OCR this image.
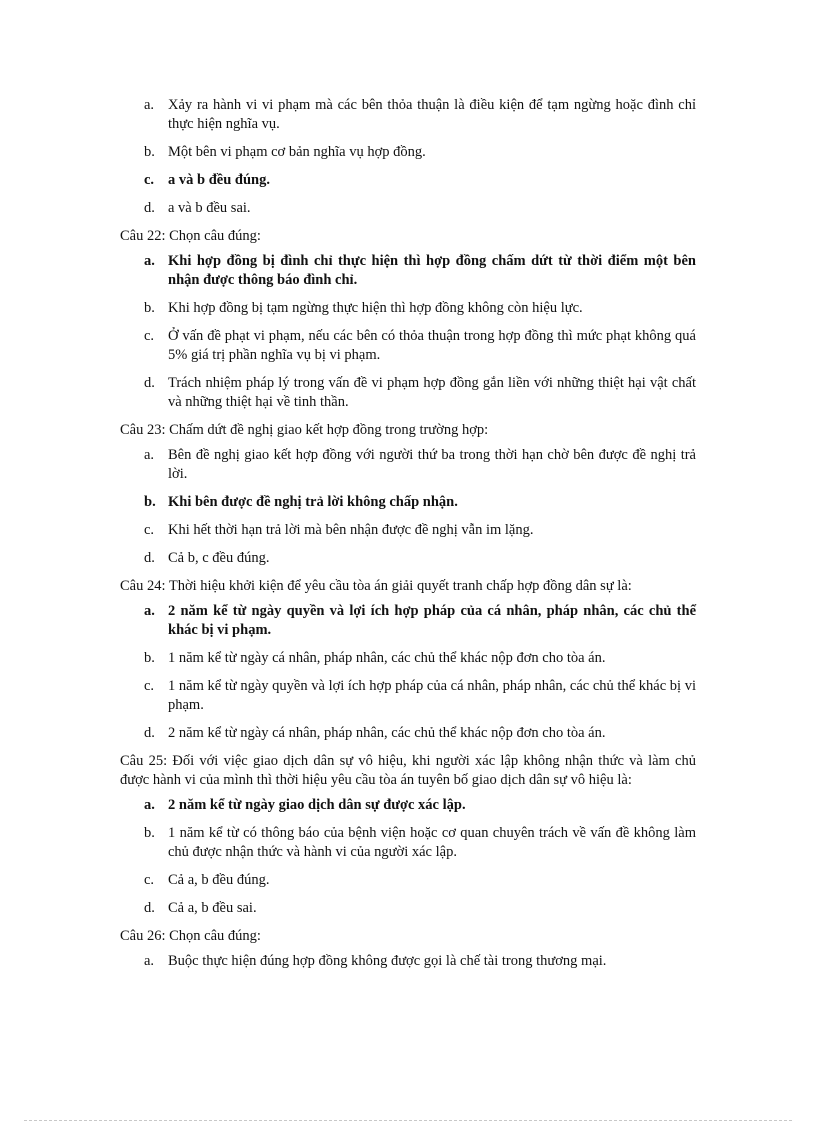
a. Xảy ra hành vi vi phạm mà các bên thỏa thuận là điều kiện để tạm ngừng hoặc đình chỉ thực hiện nghĩa vụ.
b. Một bên vi phạm cơ bản nghĩa vụ hợp đồng.
c. a và b đều đúng.
d. a và b đều sai.

Câu 22: Chọn câu đúng:

a. Khi hợp đồng bị đình chỉ thực hiện thì hợp đồng chấm dứt từ thời điểm một bên nhận được thông báo đình chỉ.
b. Khi hợp đồng bị tạm ngừng thực hiện thì hợp đồng không còn hiệu lực.
c. Ở vấn đề phạt vi phạm, nếu các bên có thỏa thuận trong hợp đồng thì mức phạt không quá 5% giá trị phần nghĩa vụ bị vi phạm.
d. Trách nhiệm pháp lý trong vấn đề vi phạm hợp đồng gắn liền với những thiệt hại vật chất và những thiệt hại về tinh thần.

Câu 23: Chấm dứt đề nghị giao kết hợp đồng trong trường hợp:

a. Bên đề nghị giao kết hợp đồng với người thứ ba trong thời hạn chờ bên được đề nghị trả lời.
b. Khi bên được đề nghị trả lời không chấp nhận.
c. Khi hết thời hạn trả lời mà bên nhận được đề nghị vẫn im lặng.
d. Cả b, c đều đúng.

Câu 24: Thời hiệu khởi kiện để yêu cầu tòa án giải quyết tranh chấp hợp đồng dân sự là:

a. 2 năm kể từ ngày quyền và lợi ích hợp pháp của cá nhân, pháp nhân, các chủ thể khác bị vi phạm.
b. 1 năm kể từ ngày cá nhân, pháp nhân, các chủ thể khác nộp đơn cho tòa án.
c. 1 năm kể từ ngày quyền và lợi ích hợp pháp của cá nhân, pháp nhân, các chủ thể khác bị vi phạm.
d. 2 năm kể từ ngày cá nhân, pháp nhân, các chủ thể khác nộp đơn cho tòa án.

Câu 25: Đối với việc giao dịch dân sự vô hiệu, khi người xác lập không nhận thức và làm chủ được hành vi của mình thì thời hiệu yêu cầu tòa án tuyên bố giao dịch dân sự vô hiệu là:

a. 2 năm kể từ ngày giao dịch dân sự được xác lập.
b. 1 năm kể từ có thông báo của bệnh viện hoặc cơ quan chuyên trách về vấn đề không làm chủ được nhận thức và hành vi của người xác lập.
c. Cả a, b đều đúng.
d. Cả a, b đều sai.

Câu 26: Chọn câu đúng:

a. Buộc thực hiện đúng hợp đồng không được gọi là chế tài trong thương mại.
